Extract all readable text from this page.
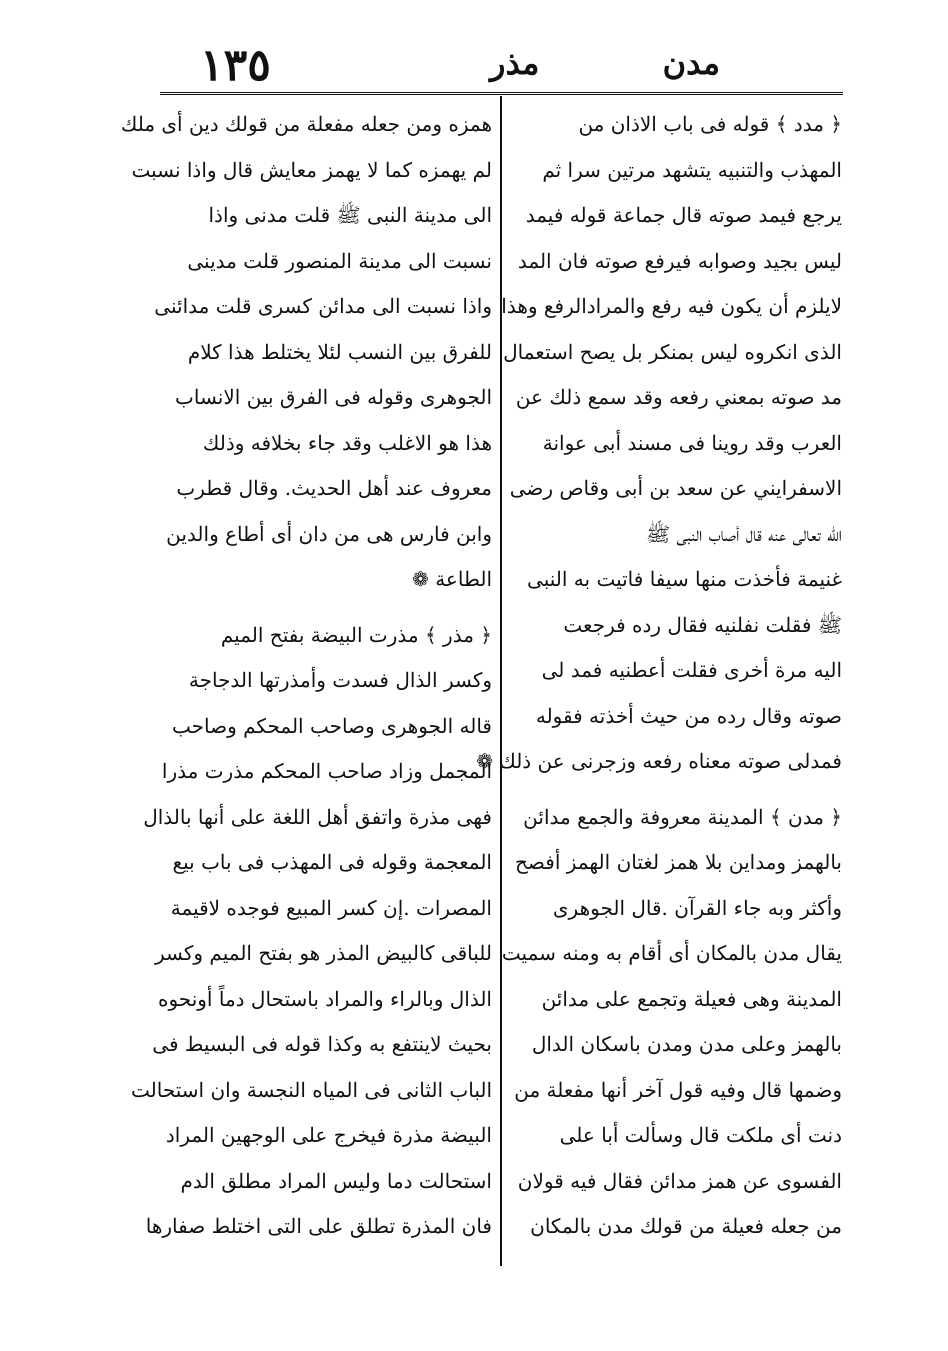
١٣٥	مذر	مدن
﴿ مدد ﴾ قوله فى باب الاذان من
المهذب والتنبيه يتشهد مرتين سرا ثم
يرجع فيمد صوته قال جماعة قوله فيمد
ليس بجيد وصوابه فيرفع صوته فان المد
لايلزم أن يكون فيه رفع والمرادالرفع وهذا
الذى انكروه ليس بمنكر بل يصح استعمال
مد صوته بمعني رفعه وقد سمع ذلك عن
العرب وقد روينا فى مسند أبى عوانة
الاسفرايني عن سعد بن أبى وقاص رضى
الله تعالى عنه قال أصاب النبى ﷺ
غنيمة فأخذت منها سيفا فاتيت به النبى
ﷺ فقلت نفلنيه فقال رده فرجعت
اليه مرة أخرى فقلت أعطنيه فمد لى
صوته وقال رده من حيث أخذته فقوله
فمدلى صوته معناه رفعه وزجرنى عن ذلك ❁
﴿ مدن ﴾ المدينة معروفة والجمع مدائن
بالهمز ومداين بلا همز لغتان الهمز أفصح
وأكثر وبه جاء القرآن .قال الجوهرى
يقال مدن بالمكان أى أقام به ومنه سميت
المدينة وهى فعيلة وتجمع على مدائن
بالهمز وعلى مدن ومدن باسكان الدال
وضمها قال وفيه قول آخر أنها مفعلة من
دنت أى ملكت قال وسألت أبا على
الفسوى عن همز مدائن فقال فيه قولان
من جعله فعيلة من قولك مدن بالمكان
همزه ومن جعله مفعلة من قولك دين أى ملك
لم يهمزه كما لا يهمز معايش قال واذا نسبت
الى مدينة النبى ﷺ قلت مدنى واذا
نسبت الى مدينة المنصور قلت مدينى
واذا نسبت الى مدائن كسرى قلت مدائنى
للفرق بين النسب لئلا يختلط هذا كلام
الجوهرى وقوله فى الفرق بين الانساب
هذا هو الاغلب وقد جاء بخلافه وذلك
معروف عند أهل الحديث. وقال قطرب
وابن فارس هى من دان أى أطاع والدين
الطاعة ❁
﴿ مذر ﴾ مذرت البيضة بفتح الميم
وكسر الذال فسدت وأمذرتها الدجاجة
قاله الجوهرى وصاحب المحكم وصاحب
المجمل وزاد صاحب المحكم مذرت مذرا
فهى مذرة واتفق أهل اللغة على أنها بالذال
المعجمة وقوله فى المهذب فى باب بيع
المصرات .إن كسر المبيع فوجده لاقيمة
للباقى كالبيض المذر هو بفتح الميم وكسر
الذال وبالراء والمراد باستحال دماً أونحوه
بحيث لاينتفع به وكذا قوله فى البسيط فى
الباب الثانى فى المياه النجسة وان استحالت
البيضة مذرة فيخرج على الوجهين المراد
استحالت دما وليس المراد مطلق الدم
فان المذرة تطلق على التى اختلط صفارها
